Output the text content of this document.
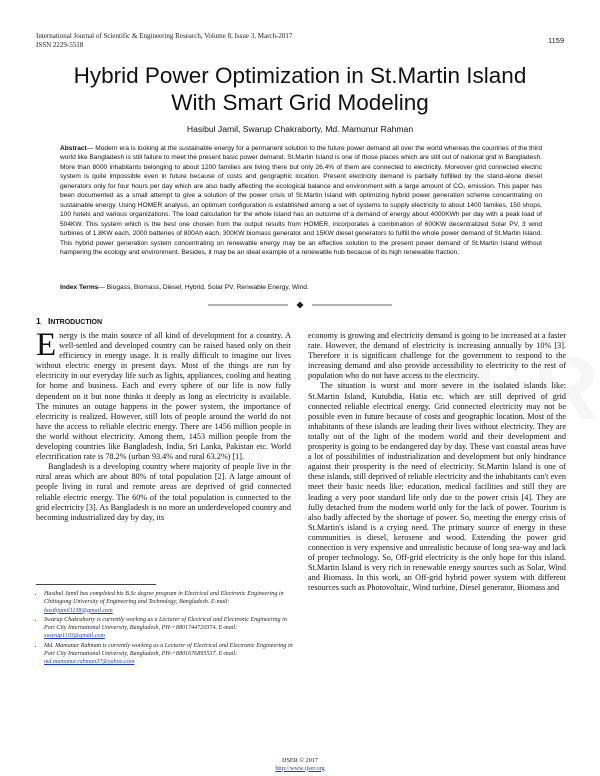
International Journal of Scientific & Engineering Research, Volume 8, Issue 3, March-2017
ISSN 2229-5518	1159
Hybrid Power Optimization in St.Martin Island
With Smart Grid Modeling
Hasibul Jamil, Swarup Chakraborty, Md. Mamunur Rahman
Abstract— Modern era is looking at the sustainable energy for a permanent solution to the future power demand all over the world whereas the countries of the third world like Bangladesh is still failure to meet the present basic power demand. St.Martin Island is one of those places which are still out of national grid in Bangladesh. More than 8000 inhabitants belonging to about 1200 families are living there but only 26.4% of them are connected to electricity. Moreover grid connected electric system is quite impossible even in future because of costs and geographic location. Present electricity demand is partially fulfilled by the stand-alone diesel generators only for four hours per day which are also badly affecting the ecological balance and environment with a large amount of CO₂ emission. This paper has been documented as a small attempt to give a solution of the power crisis of St.Martin Island with optimizing hybrid power generation scheme concentrating on sustainable energy. Using HOMER analysis, an optimum configuration is established among a set of systems to supply electricity to about 1400 families, 150 shops, 100 hotels and various organizations. The load calculation for the whole island has an outcome of a demand of energy about 4000KWh per day with a peak load of 504KW. This system which is the best one chosen from the output results from HOMER, incorporates a combination of 600KW decentralized Solar PV, 3 wind turbines of 1.8KW each, 2000 batteries of 800Ah each, 300KW biomass generator and 15KW diesel generators to fulfill the whole power demand of St.Martin Island. This hybrid power generation system concentrating on renewable energy may be an effective solution to the present power demand of St.Martin Island without hampering the ecology and environment. Besides, it may be an ideal example of a renewable hub because of its high renewable fraction.
Index Terms— Biogass, Biomass, Diesel, Hybrid, Solar PV, Renwable Energy, Wind.
1 INTRODUCTION

Energy is the main source of all kind of development for a country. A well-settled and developed country can be raised based only on their efficiency in energy usage. It is really difficult to imagine our lives without electric energy in present days. Most of the things are run by electricity in our everyday life such as lights, appliances, cooling and heating for home and business. Each and every sphere of our life is now fully dependent on it but none thinks it deeply as long as electricity is available. The minutes an outage happens in the power system, the importance of electricity is realized. However, still lots of people around the world do not have the access to reliable electric energy. There are 1456 million people in the world without electricity. Among them, 1453 million people from the developing countries like Bangladesh, India, Sri Lanka, Pakistan etc. World electrification rate is 78.2% (urban 93.4% and rural 63.2%) [1].

Bangladesh is a developing country where majority of people live in the rural areas which are about 80% of total population [2]. A large amount of people living in rural and remote areas are deprived of grid connected reliable electric energy. The 60% of the total population is connected to the grid electricity [3]. As Bangladesh is no more an underdeveloped country and becoming industrialized day by day, its

economy is growing and electricity demand is going to be increased at a faster rate. However, the demand of electricity is increasing annually by 10% [3]. Therefore it is significant challenge for the government to respond to the increasing demand and also provide accessibility to electricity to the rest of population who do not have access to the electricity.

The situation is worst and more severe in the isolated islands like: St.Martin Island, Kutubdia, Hatia etc. which are still deprived of grid connected reliable electrical energy. Grid connected electricity may not be possible even in future because of costs and geographic location. Most of the inhabitants of these islands are leading their lives without electricity. They are totally out of the light of the modern world and their development and prosperity is going to be endangered day by day. These vast coastal areas have a lot of possibilities of industrialization and development but only hindrance against their prosperity is the need of electricity. St.Martin Island is one of these islands, still deprived of reliable electricity and the inhabitants can't even meet their basic needs like: education, medical facilities and still they are leading a very poor standard life only due to the power crisis [4]. They are fully detached from the modern world only for the lack of power. Tourism is also badly affected by the shortage of power. So, meeting the energy crisis of St.Martin's island is a crying need. The primary source of energy in these communities is diesel, kerosene and wood. Extending the power grid connection is very expensive and unrealistic because of long sea-way and lack of proper technology. So, Off-grid electricity is the only hope for this island. St.Martin Island is very rich in renewable energy sources such as Solar, Wind and Biomass. In this work, an Off-grid hybrid power system with different resources such as Photovoltaic, Wind turbine, Diesel generator, Biomass and

• Hasibul Jamil has completed his B.Sc degree program in Electrical and Electronic Engineering in Chittagong University of Engineering and Technology, Bangladesh. E-mail: hasibjamil1138@gmail.com
• Swarup Chakraborty is currently working as a Lecturer of Electrical and Electronic Engineering in Port City International University, Bangladesh, PH-+8801744720374. E-mail: swarup1103@gmail.com
• Md. Mamunur Rahman is currently working as a Lecturer of Electrical and Electronic Engineering in Port City International University, Bangladesh, PH-+8801676895537. E-mail: md.mamunur.rahman37@yahoo.com
IJSER © 2017
http://www.ijser.org
